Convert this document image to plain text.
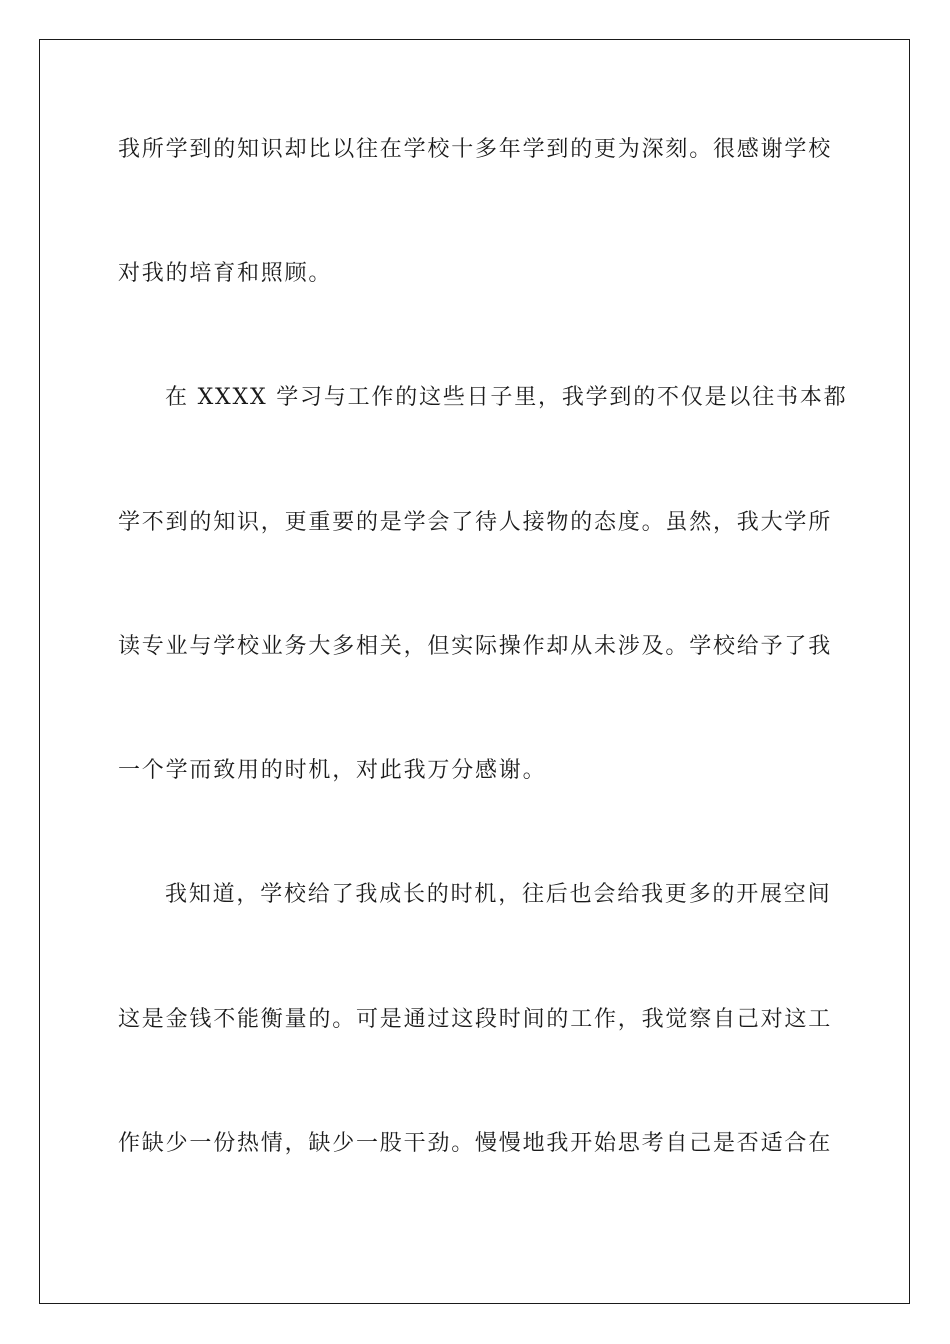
我所学到的知识却比以往在学校十多年学到的更为深刻。很感谢学校

对我的培育和照顾。

在 XXXX 学习与工作的这些日子里，我学到的不仅是以往书本都

学不到的知识，更重要的是学会了待人接物的态度。虽然，我大学所

读专业与学校业务大多相关，但实际操作却从未涉及。学校给予了我

一个学而致用的时机，对此我万分感谢。

我知道，学校给了我成长的时机，往后也会给我更多的开展空间

这是金钱不能衡量的。可是通过这段时间的工作，我觉察自己对这工

作缺少一份热情，缺少一股干劲。慢慢地我开始思考自己是否适合在
